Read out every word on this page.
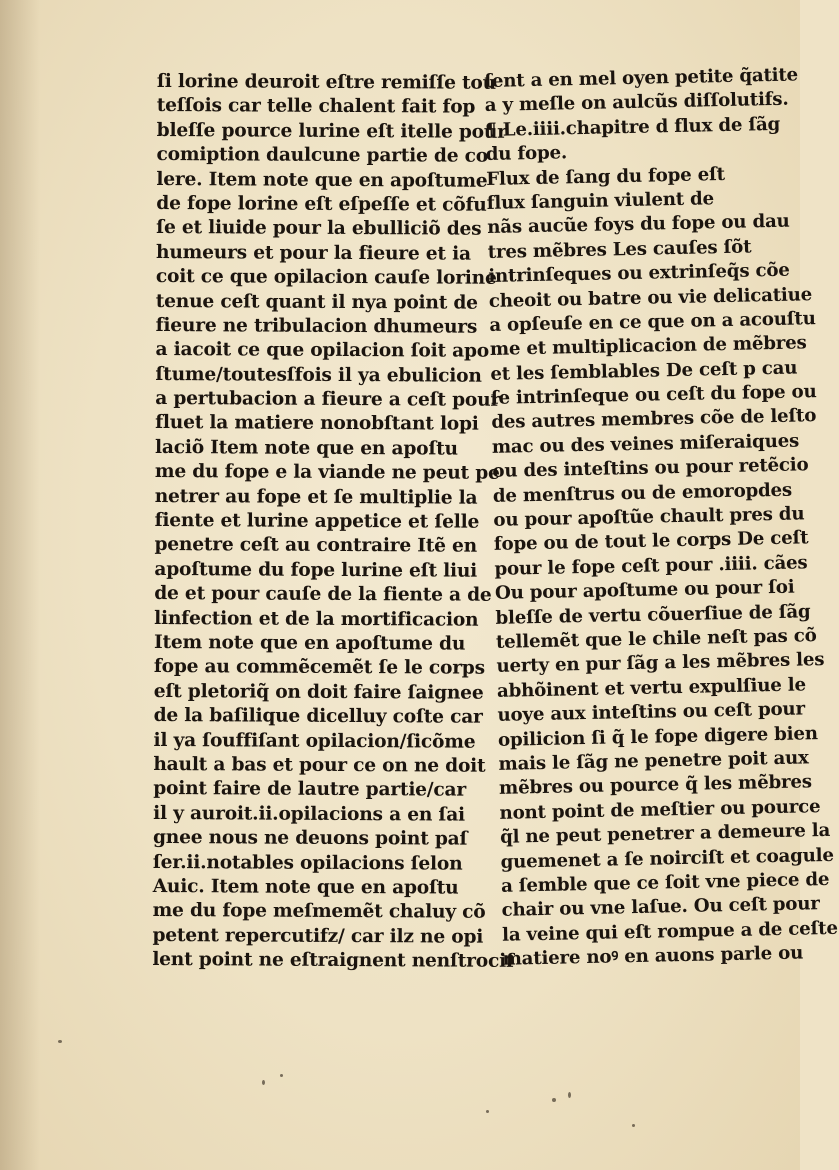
ſi lorine deuroit eſtre remiſſe tou
teſſois car telle chalent fait fop
bleſſe pource lurine eſt itelle pour
comiption daulcune partie de co
lere. Item note que en apoſtume
de fope lorine eſt eſpeſſe et cõfu
ſe et liuide pour la ebulliciõ des
humeurs et pour la fieure et ia
coit ce que opilacion cauſe lorine
tenue ceſt quant il nya point de
fieure ne tribulacion dhumeurs
a iacoit ce que opilacion ſoit apo
ſtume/toutesſfois il ya ebulicion
a pertubacion a fieure a ceſt pour
fluet la matiere nonobſtant lopi
laciõ Item note que en apoſtu
me du fope e la viande ne peut pe
netrer au fope et ſe multiplie la
fiente et lurine appetice et ſelle
penetre ceſt au contraire Itẽ en
apoſtume du fope lurine eſt liui
de et pour cauſe de la fiente a de
linfection et de la mortificacion
Item note que en apoſtume du
fope au commẽcemẽt ſe le corps
eſt pletoriq̃ on doit faire ſaignee
de la baſilique dicelluy coſte car
il ya ſouffiſant opilacion/ſicõme
hault a bas et pour ce on ne doit
point faire de lautre partie/car
il y auroit.ii.opilacions a en ſai
gnee nous ne deuons point paſ
ſer.ii.notables opilacions ſelon
Auic. Item note que en apoſtu
me du fope meſmemẽt chaluy cõ
petent repercutifz/ car ilz ne opi
lent point ne eſtraignent nenſtrocif
ſent a en mel oyen petite q̃atite
a y meſle on aulcũs diſſolutifs.
¶ Le.iiii.chapitre d flux de ſãg
du fope.
Flux de ſang du fope eſt
flux ſanguin viulent de
nãs aucũe foys du fope ou dau
tres mẽbres Les cauſes ſõt
intrinſeques ou extrinſeq̃s cõe
cheoit ou batre ou vie delicatiue
a opſeuſe en ce que on a acouſtu
me et multiplicacion de mẽbres
et les ſemblables De ceſt p cau
ſe intrinſeque ou ceſt du fope ou
des autres membres cõe de leſto
mac ou des veines miſeraiques
ou des inteſtins ou pour retẽcio
de menſtrus ou de emoropdes
ou pour apoſtũe chault pres du
fope ou de tout le corps De ceſt
pour le fope ceſt pour .iiii. cães
Ou pour apoſtume ou pour ſoi
bleſſe de vertu cõuerſiue de ſãg
tellemẽt que le chile neſt pas cõ
uerty en pur ſãg a les mẽbres les
abhõinent et vertu expulſiue le
uoye aux inteſtins ou ceſt pour
opilicion ſi q̃ le fope digere bien
mais le ſãg ne penetre poit aux
mẽbres ou pource q̃ les mẽbres
nont point de meſtier ou pource
q̃l ne peut penetrer a demeure la
guemenet a ſe noirciſt et coagule
a ſemble que ce ſoit vne piece de
chair ou vne laſue. Ou ceſt pour
la veine qui eſt rompue a de ceſte
matiere noꝰ en auons parle ou
